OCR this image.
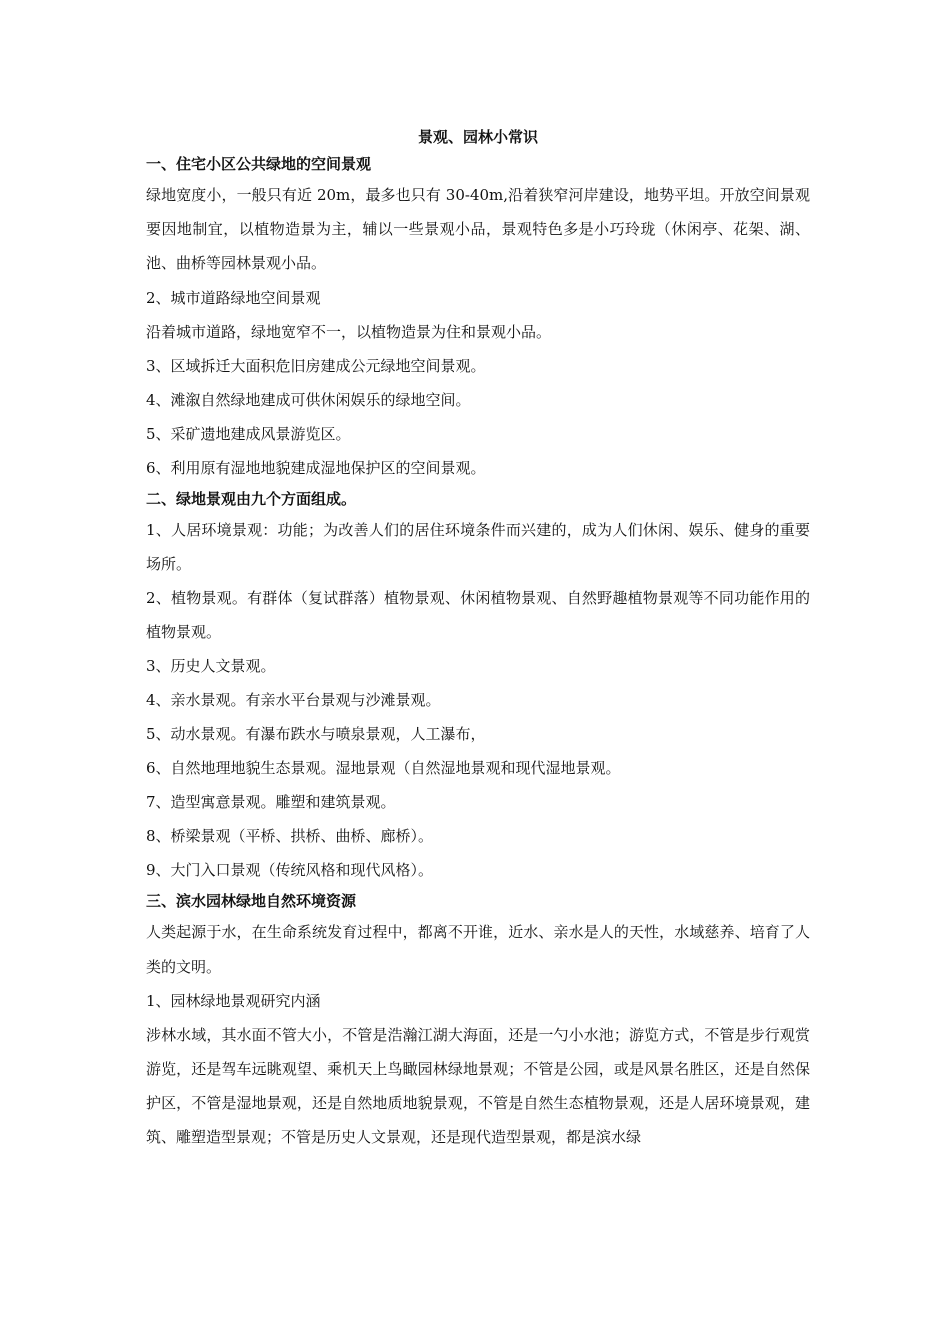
景观、园林小常识
一、住宅小区公共绿地的空间景观
绿地宽度小，一般只有近 20m，最多也只有 30-40m,沿着狭窄河岸建设，地势平坦。开放空间景观要因地制宜，以植物造景为主，辅以一些景观小品，景观特色多是小巧玲珑（休闲亭、花架、湖、池、曲桥等园林景观小品。
2、城市道路绿地空间景观
沿着城市道路，绿地宽窄不一，以植物造景为住和景观小品。
3、区域拆迁大面积危旧房建成公元绿地空间景观。
4、滩溆自然绿地建成可供休闲娱乐的绿地空间。
5、采矿遗地建成风景游览区。
6、利用原有湿地地貌建成湿地保护区的空间景观。
二、绿地景观由九个方面组成。
1、人居环境景观：功能；为改善人们的居住环境条件而兴建的，成为人们休闲、娱乐、健身的重要场所。
2、植物景观。有群体（复试群落）植物景观、休闲植物景观、自然野趣植物景观等不同功能作用的植物景观。
3、历史人文景观。
4、亲水景观。有亲水平台景观与沙滩景观。
5、动水景观。有瀑布跌水与喷泉景观，人工瀑布，
6、自然地理地貌生态景观。湿地景观（自然湿地景观和现代湿地景观。
7、造型寓意景观。雕塑和建筑景观。
8、桥梁景观（平桥、拱桥、曲桥、廊桥）。
9、大门入口景观（传统风格和现代风格）。
三、滨水园林绿地自然环境资源
人类起源于水，在生命系统发育过程中，都离不开谁，近水、亲水是人的天性，水域慈养、培育了人类的文明。
1、园林绿地景观研究内涵
涉林水域，其水面不管大小，不管是浩瀚江湖大海面，还是一勺小水池；游览方式，不管是步行观赏游览，还是驾车远眺观望、乘机天上鸟瞰园林绿地景观；不管是公园，或是风景名胜区，还是自然保护区，不管是湿地景观，还是自然地质地貌景观，不管是自然生态植物景观，还是人居环境景观，建筑、雕塑造型景观；不管是历史人文景观，还是现代造型景观，都是滨水绿
